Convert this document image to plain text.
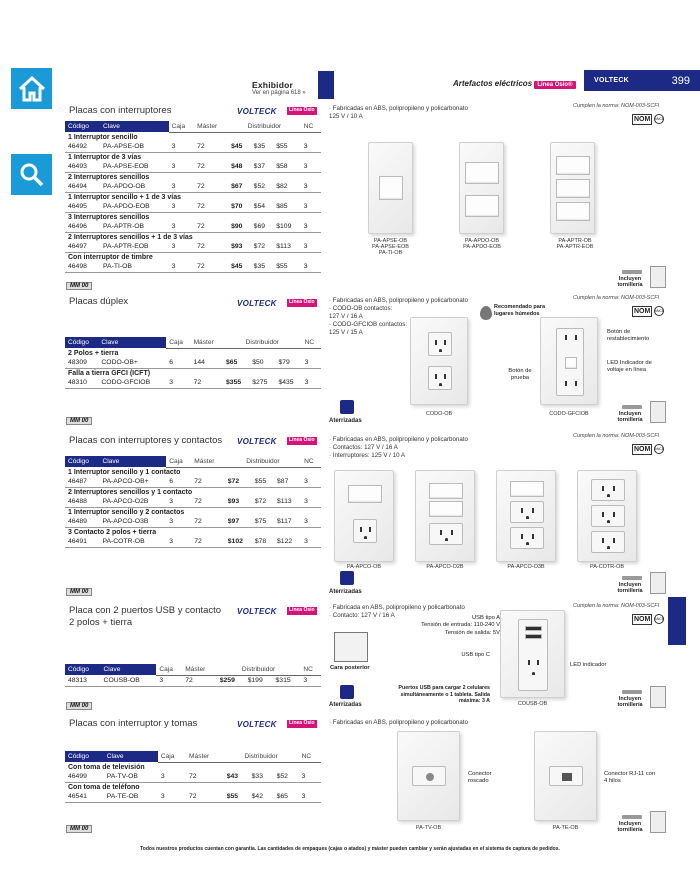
Exhibidor
Ver en página 618 »
Artefactos eléctricos Línea Osio®
VOLTECK	399
Placas con interruptores	VOLTECK	Línea Osio
Código	Clave	Caja	Máster	Distribuidor			NC
1 Interruptor sencillo							
46492	PA-APSE-OB	3	72	$45	$35	$55	3
1 Interruptor de 3 vías							
46493	PA-APSE-EOB	3	72	$48	$37	$58	3
2 Interruptores sencillos							
46494	PA-APDO-OB	3	72	$67	$52	$82	3
1 Interruptor sencillo + 1 de 3 vías							
46495	PA-APDO-EOB	3	72	$70	$54	$85	3
3 Interruptores sencillos							
46496	PA-APTR-OB	3	72	$90	$69	$109	3
2 Interruptores sencillos + 1 de 3 vías							
46497	PA-APTR-EOB	3	72	$93	$72	$113	3
Con interruptor de timbre							
46498	PA-TI-OB	3	72	$45	$35	$55	3
MM 00
· Fabricadas en ABS, polipropileno y policarbonato
125 V / 10 A
Cumplen la norma: NOM-003-SCFI
NOM	ANCE
PA-APSE-OB
PA-APSE-EOB
PA-TI-OB
PA-APDO-OB
PA-APDO-EOB
PA-APTR-OB
PA-APTR-EOB
Incluyen tornillería
Placas dúplex	VOLTECK	Línea Osio
Código	Clave	Caja	Máster	Distribuidor			NC
2 Polos + tierra							
48309	CODO-OB+	6	144	$65	$50	$79	3
Falla a tierra GFCI (ICFT)							
48310	CODO-GFCIOB	3	72	$355	$275	$435	3
MM 00
· Fabricadas en ABS, polipropileno y policarbonato
· CODO-OB contactos:
127 V / 16 A
· CODO-GFCIOB contactos:
125 V / 15 A
Cumplen la norma: NOM-003-SCFI
NOM	ANCE
Aterrizadas
Recomendado para lugares húmedos
CODO-OB	CODO-GFCIOB
Botón de prueba
Botón de restablecimiento
LED Indicador de voltaje en línea
Incluyen tornillería
Placas con interruptores y contactos VOLTECK	Línea Osio
Código	Clave	Caja	Máster	Distribuidor			NC
1 Interruptor sencillo y 1 contacto							
46487	PA-APCO-OB+	6	72	$72	$55	$87	3
2 Interruptores sencillos y 1 contacto							
46488	PA-APCO-O2B	3	72	$93	$72	$113	3
1 Interruptor sencillo y 2 contactos							
46489	PA-APCO-O3B	3	72	$97	$75	$117	3
3 Contacto 2 polos + tierra							
46491	PA-COTR-OB	3	72	$102	$78	$122	3
MM 00
· Fabricadas en ABS, polipropileno y policarbonato
· Contactos: 127 V / 16 A
· Interruptores: 125 V / 10 A
Cumplen la norma: NOM-003-SCFI
NOM	ANCE
PA-APCO-OB	PA-APCO-O2B	PA-APCO-O3B	PA-COTR-OB
Aterrizadas
Incluyen tornillería
Placa con 2 puertos USB y contacto
2 polos + tierra
VOLTECK	Línea Osio
Código	Clave	Caja	Máster	Distribuidor			NC
48313	COUSB-OB	3	72	$259	$199	$315	3
MM 00
· Fabricada en ABS, polipropileno y policarbonato
· Contacto: 127 V / 16 A
Cumplen la norma: NOM-003-SCFI
NOM	ANCE
Cara posterior
USB tipo A
Tensión de entrada: 110-240 V
Tensión de salida: 5V
USB tipo C
Puertos USB para cargar 2 celulares simultáneamente o 1 tableta. Salida máxima: 3 A	COUSB-OB
LED indicador
Aterrizadas
Incluyen tornillería
Placas con interruptor y tomas	VOLTECK	Línea Osio
Código	Clave	Caja	Máster	Distribuidor			NC
Con toma de televisión							
46499	PA-TV-OB	3	72	$43	$33	$52	3
Con toma de teléfono							
46541	PA-TE-OB	3	72	$55	$42	$65	3
MM 00
· Fabricadas en ABS, polipropileno y policarbonato
PA-TV-OB	PA-TE-OB
Conector roscado
Conector RJ-11 con 4 hilos
Incluyen tornillería
Todos nuestros productos cuentan con garantía. Las cantidades de empaques (cajas o atados) y máster pueden cambiar y serán ajustadas en el sistema de captura de pedidos.
